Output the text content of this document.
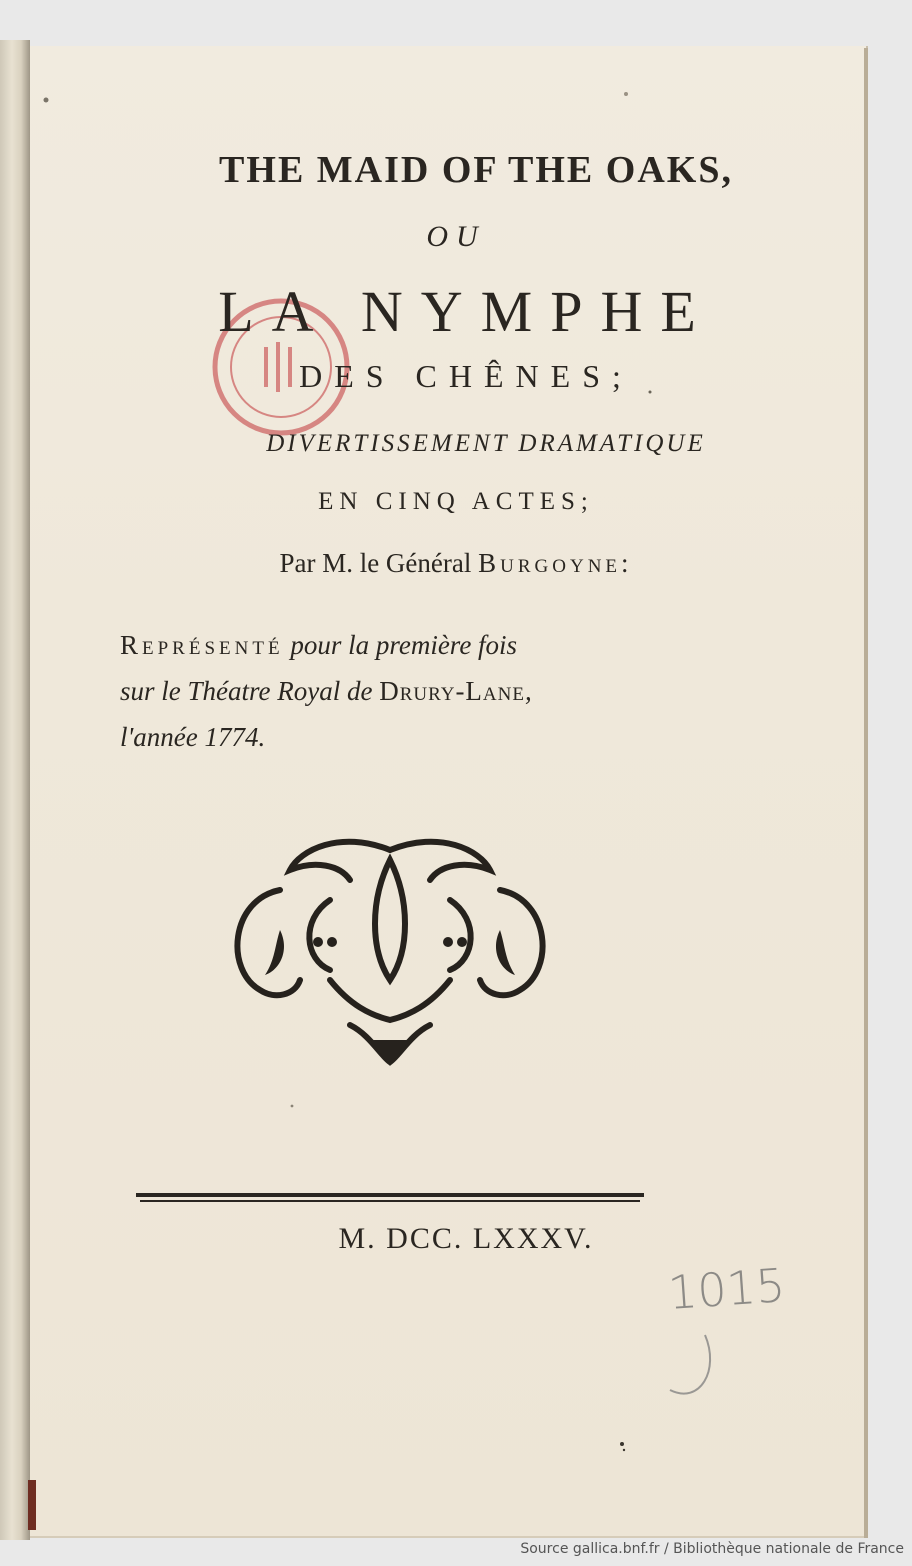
THE MAID OF THE OAKS,
OU
LA NYMPHE
DES CHÊNES;
DIVERTISSEMENT DRAMATIQUE
EN CINQ ACTES;
Par M. le Général Burgoyne:
Représenté pour la première fois
sur le Théatre Royal de Drury-Lane,
l'année 1774.
M. DCC. LXXXV.
1015
Source gallica.bnf.fr / Bibliothèque nationale de France
